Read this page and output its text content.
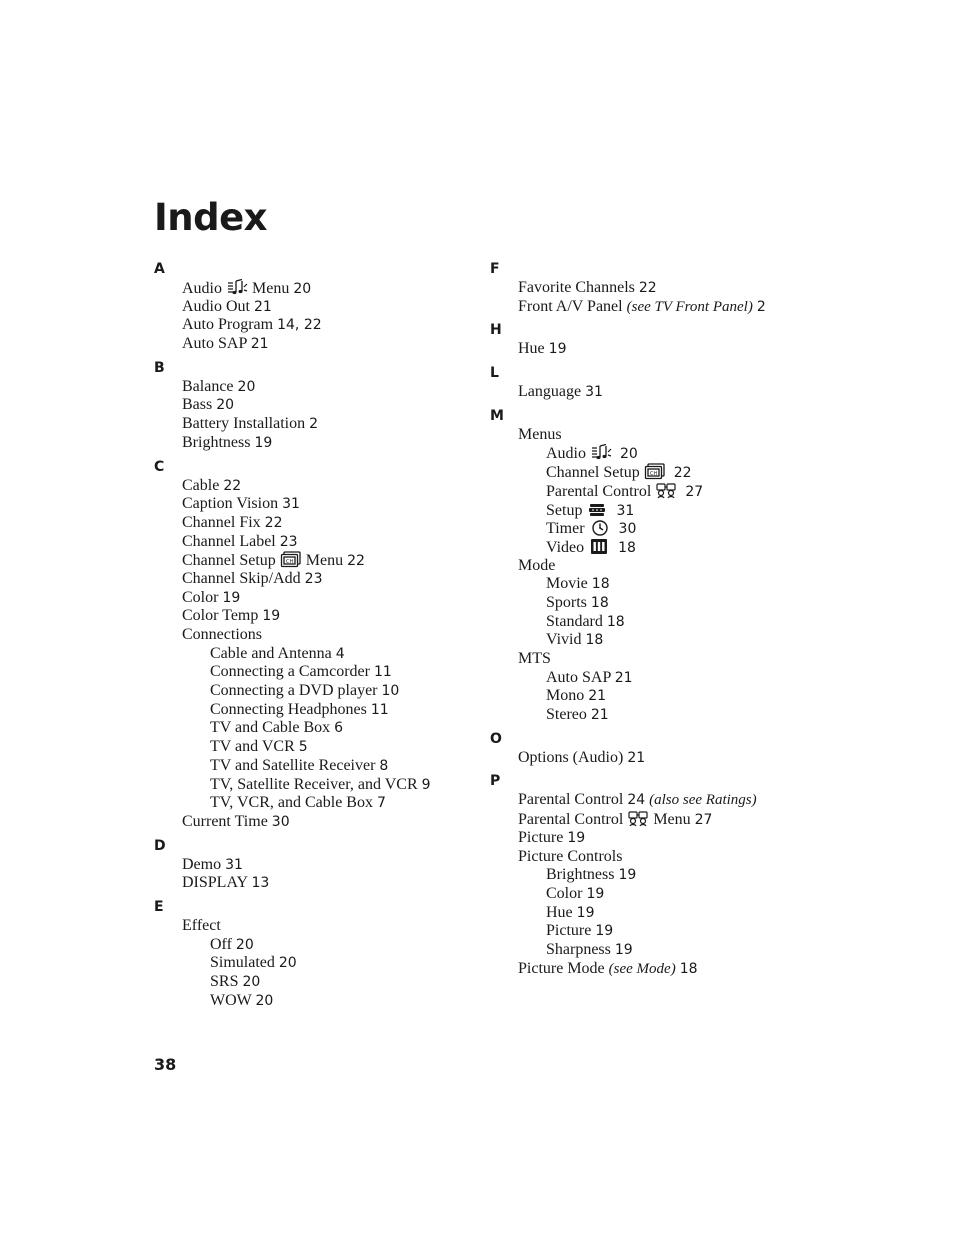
Index
A
Audio Menu 20
Audio Out 21
Auto Program 14, 22
Auto SAP 21
B
Balance 20
Bass 20
Battery Installation 2
Brightness 19
C
Cable 22
Caption Vision 31
Channel Fix 22
Channel Label 23
Channel Setup CH Menu 22
Channel Skip/Add 23
Color 19
Color Temp 19
Connections
Cable and Antenna 4
Connecting a Camcorder 11
Connecting a DVD player 10
Connecting Headphones 11
TV and Cable Box 6
TV and VCR 5
TV and Satellite Receiver 8
TV, Satellite Receiver, and VCR 9
TV, VCR, and Cable Box 7
Current Time 30
D
Demo 31
DISPLAY 13
E
Effect
Off 20
Simulated 20
SRS 20
WOW 20
F
Favorite Channels 22
Front A/V Panel (see TV Front Panel) 2
H
Hue 19
L
Language 31
M
Menus
Audio 20
Channel Setup CH 22
Parental Control 27
Setup 31
Timer 30
Video 18
Mode
Movie 18
Sports 18
Standard 18
Vivid 18
MTS
Auto SAP 21
Mono 21
Stereo 21
O
Options (Audio) 21
P
Parental Control 24 (also see Ratings)
Parental Control Menu 27
Picture 19
Picture Controls
Brightness 19
Color 19
Hue 19
Picture 19
Sharpness 19
Picture Mode (see Mode) 18
38
